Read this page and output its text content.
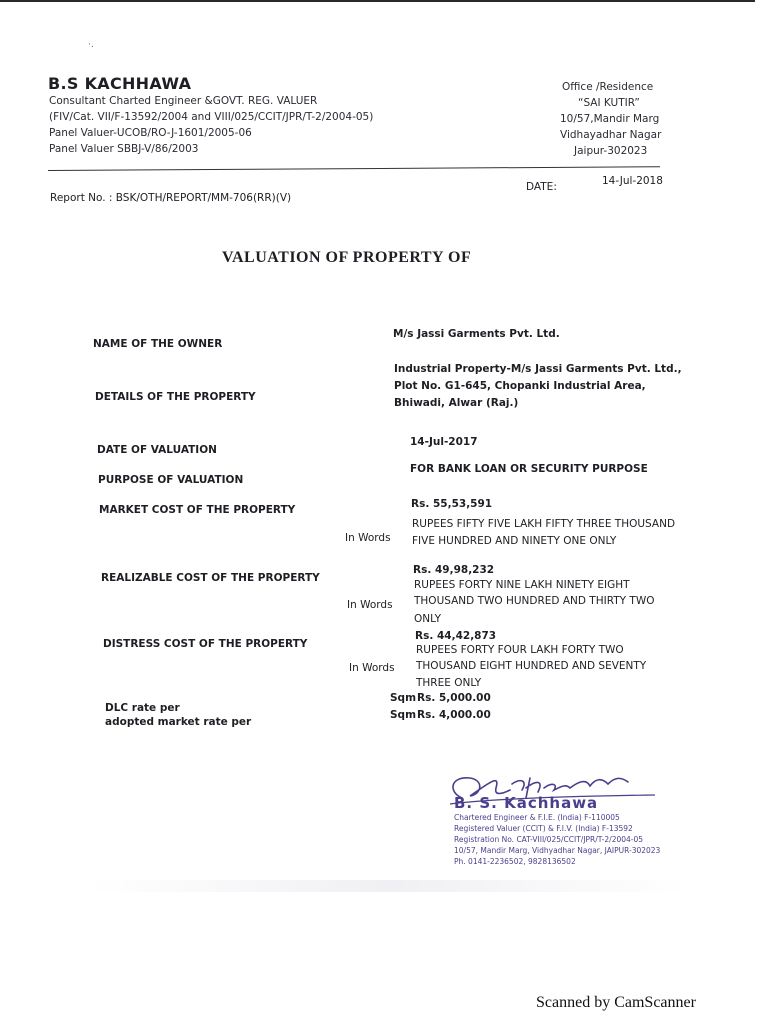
·.
B.S KACHHAWA
Consultant Charted Engineer &GOVT. REG. VALUER
(FIV/Cat. VII/F-13592/2004 and VIII/025/CCIT/JPR/T-2/2004-05)
Panel Valuer-UCOB/RO-J-1601/2005-06
Panel Valuer SBBJ-V/86/2003
Office /Residence
“SAI KUTIR”
10/57,Mandir Marg
Vidhayadhar Nagar
Jaipur-302023
Report No. : BSK/OTH/REPORT/MM-706(RR)(V)
DATE:	14-Jul-2018
VALUATION OF PROPERTY OF
NAME OF THE OWNER
M/s Jassi Garments Pvt. Ltd.
DETAILS OF THE PROPERTY
Industrial Property-M/s Jassi Garments Pvt. Ltd.,
Plot No. G1-645, Chopanki Industrial Area,
Bhiwadi, Alwar (Raj.)
DATE OF VALUATION
14-Jul-2017
PURPOSE OF VALUATION
FOR BANK LOAN OR SECURITY PURPOSE
MARKET COST OF THE PROPERTY	Rs. 55,53,591
In Words
RUPEES FIFTY FIVE LAKH FIFTY THREE THOUSAND
FIVE HUNDRED AND NINETY ONE ONLY
REALIZABLE COST OF THE PROPERTY
Rs. 49,98,232
In Words
RUPEES FORTY NINE LAKH NINETY EIGHT
THOUSAND TWO HUNDRED AND THIRTY TWO
ONLY
DISTRESS COST OF THE PROPERTY
Rs. 44,42,873
In Words
RUPEES FORTY FOUR LAKH FORTY TWO
THOUSAND EIGHT HUNDRED AND SEVENTY
THREE ONLY
DLC rate per
Sqm Rs. 5,000.00
adopted market rate per
Sqm Rs. 4,000.00
B. S. Kachhawa
Chartered Engineer & F.I.E. (India) F-110005
Registered Valuer (CCIT) & F.I.V. (India) F-13592
Registration No. CAT-VIII/025/CCIT/JPR/T-2/2004-05
10/57, Mandir Marg, Vidhyadhar Nagar, JAIPUR-302023
Ph. 0141-2236502, 9828136502
Scanned by CamScanner
